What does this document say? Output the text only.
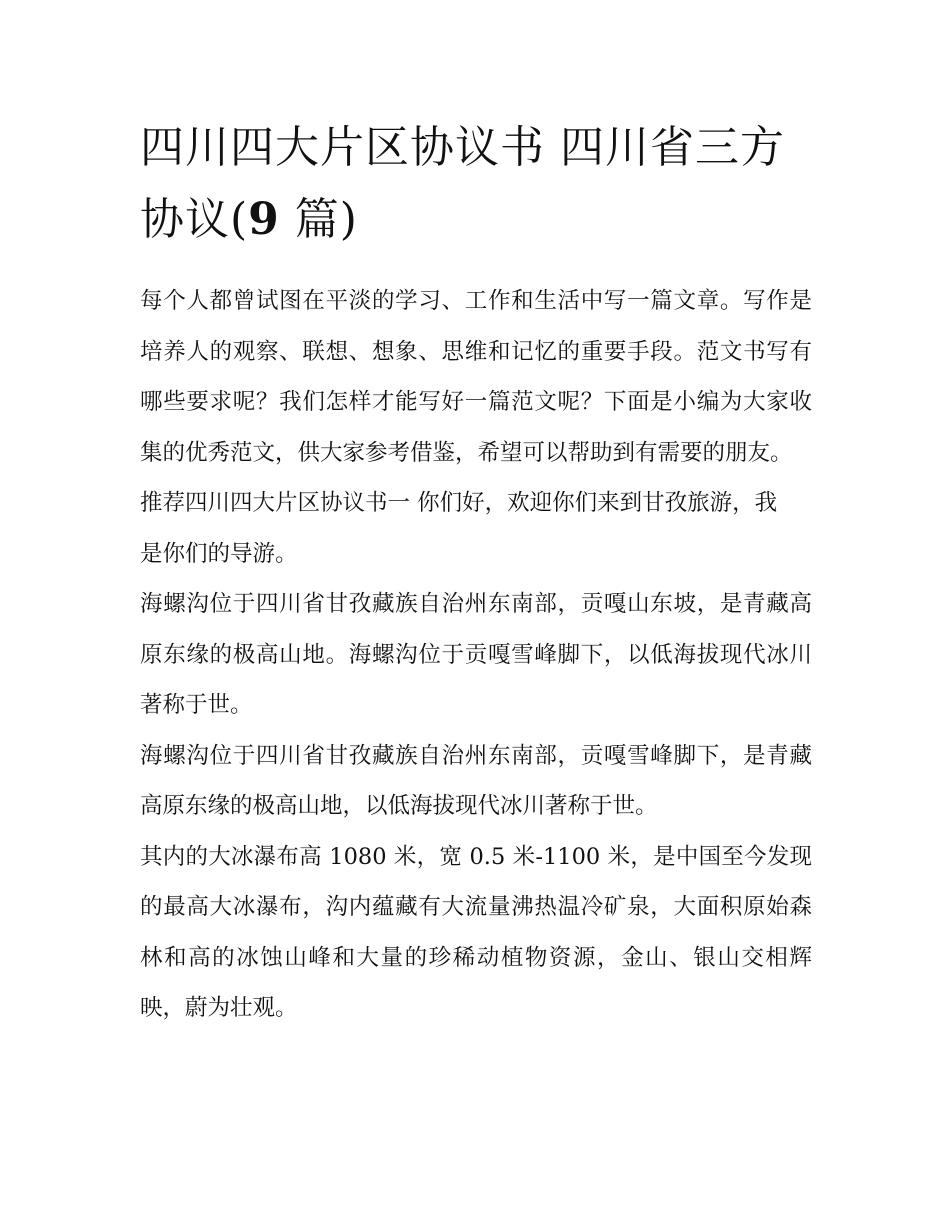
四川四大片区协议书 四川省三方协议(9 篇)

每个人都曾试图在平淡的学习、工作和生活中写一篇文章。写作是培养人的观察、联想、想象、思维和记忆的重要手段。范文书写有哪些要求呢？我们怎样才能写好一篇范文呢？下面是小编为大家收集的优秀范文，供大家参考借鉴，希望可以帮助到有需要的朋友。

推荐四川四大片区协议书一 你们好，欢迎你们来到甘孜旅游，我是你们的导游。

海螺沟位于四川省甘孜藏族自治州东南部，贡嘎山东坡，是青藏高原东缘的极高山地。海螺沟位于贡嘎雪峰脚下，以低海拔现代冰川著称于世。

海螺沟位于四川省甘孜藏族自治州东南部，贡嘎雪峰脚下，是青藏高原东缘的极高山地，以低海拔现代冰川著称于世。

其内的大冰瀑布高 1080 米，宽 0.5 米-1100 米，是中国至今发现的最高大冰瀑布，沟内蕴藏有大流量沸热温冷矿泉，大面积原始森林和高的冰蚀山峰和大量的珍稀动植物资源，金山、银山交相辉映，蔚为壮观。
